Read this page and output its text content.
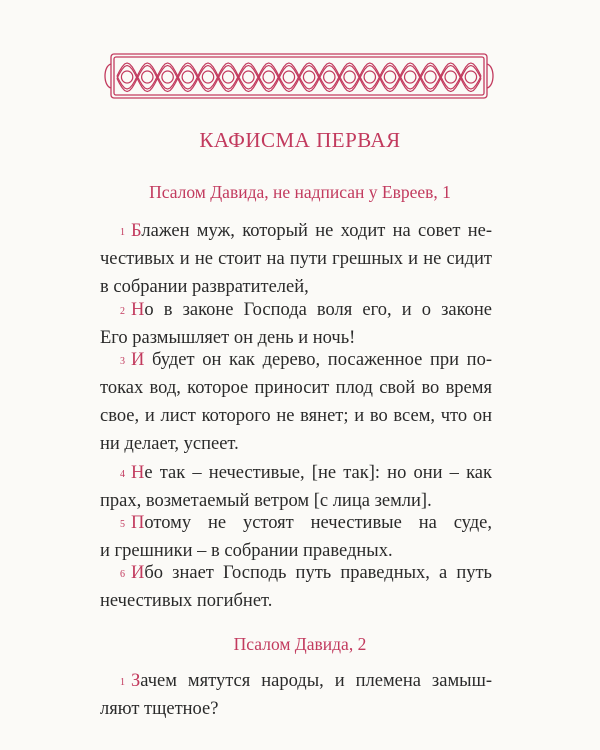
КАФИСМА ПЕРВАЯ
Псалом Давида, не надписан у Евреев, 1
$^1$ Блажен муж, который не ходит на совет не-
честивых и не стоит на пути грешных и не сидит
в собрании развратителей,
$^2$ Но в законе Господа воля его, и о законе
Его размышляет он день и ночь!
$^3$ И будет он как дерево, посаженное при по-
токах вод, которое приносит плод свой во время
свое, и лист которого не вянет; и во всем, что он
ни делает, успеет.
$^4$ Не так – нечестивые, [не так]: но они – как
прах, возметаемый ветром [с лица земли].
$^5$ Потому не устоят нечестивые на суде,
и грешники – в собрании праведных.
$^6$ Ибо знает Господь путь праведных, а путь
нечестивых погибнет.
Псалом Давида, 2
$^1$ Зачем мятутся народы, и племена замыш-
ляют тщетное?
